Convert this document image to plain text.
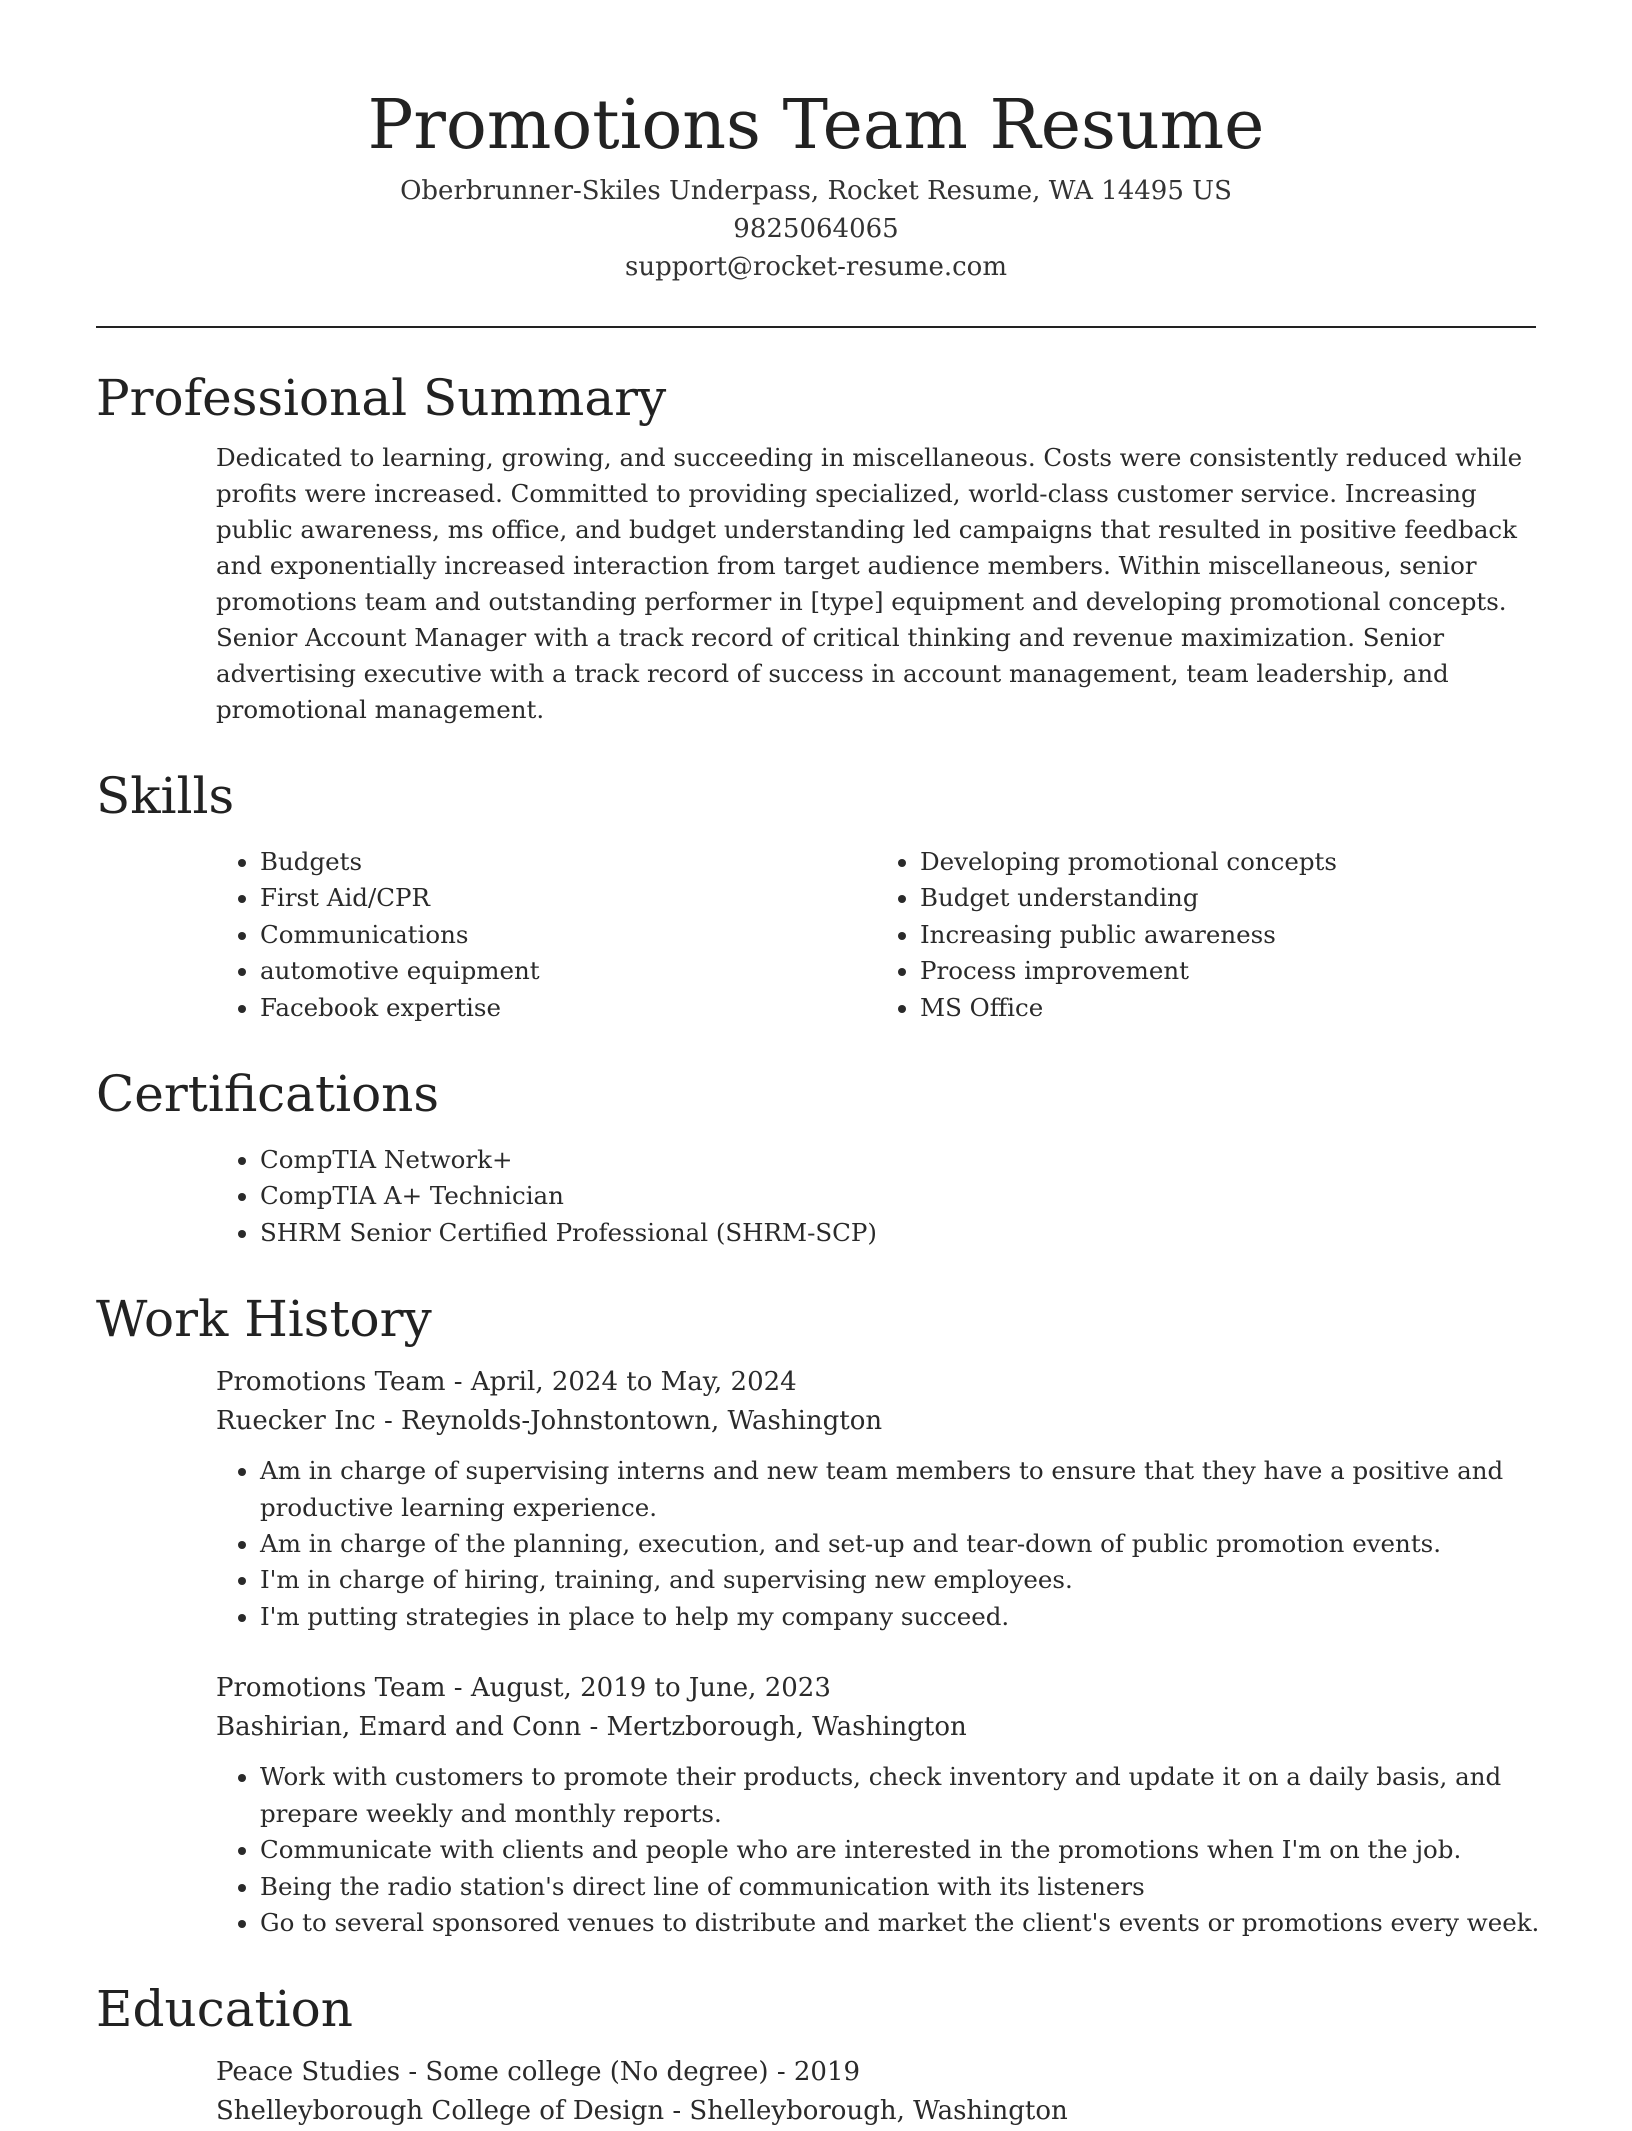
Promotions Team Resume
Oberbrunner-Skiles Underpass, Rocket Resume, WA 14495 US
9825064065
support@rocket-resume.com
Professional Summary
Dedicated to learning, growing, and succeeding in miscellaneous. Costs were consistently reduced while profits were increased. Committed to providing specialized, world-class customer service. Increasing public awareness, ms office, and budget understanding led campaigns that resulted in positive feedback and exponentially increased interaction from target audience members. Within miscellaneous, senior promotions team and outstanding performer in [type] equipment and developing promotional concepts. Senior Account Manager with a track record of critical thinking and revenue maximization. Senior advertising executive with a track record of success in account management, team leadership, and promotional management.
Skills
• Budgets
• First Aid/CPR
• Communications
• automotive equipment
• Facebook expertise
• Developing promotional concepts
• Budget understanding
• Increasing public awareness
• Process improvement
• MS Office
Certifications
• CompTIA Network+
• CompTIA A+ Technician
• SHRM Senior Certified Professional (SHRM-SCP)
Work History
Promotions Team - April, 2024 to May, 2024
Ruecker Inc - Reynolds-Johnstontown, Washington
• Am in charge of supervising interns and new team members to ensure that they have a positive and productive learning experience.
• Am in charge of the planning, execution, and set-up and tear-down of public promotion events.
• I'm in charge of hiring, training, and supervising new employees.
• I'm putting strategies in place to help my company succeed.
Promotions Team - August, 2019 to June, 2023
Bashirian, Emard and Conn - Mertzborough, Washington
• Work with customers to promote their products, check inventory and update it on a daily basis, and prepare weekly and monthly reports.
• Communicate with clients and people who are interested in the promotions when I'm on the job.
• Being the radio station's direct line of communication with its listeners
• Go to several sponsored venues to distribute and market the client's events or promotions every week.
Education
Peace Studies - Some college (No degree) - 2019
Shelleyborough College of Design - Shelleyborough, Washington
